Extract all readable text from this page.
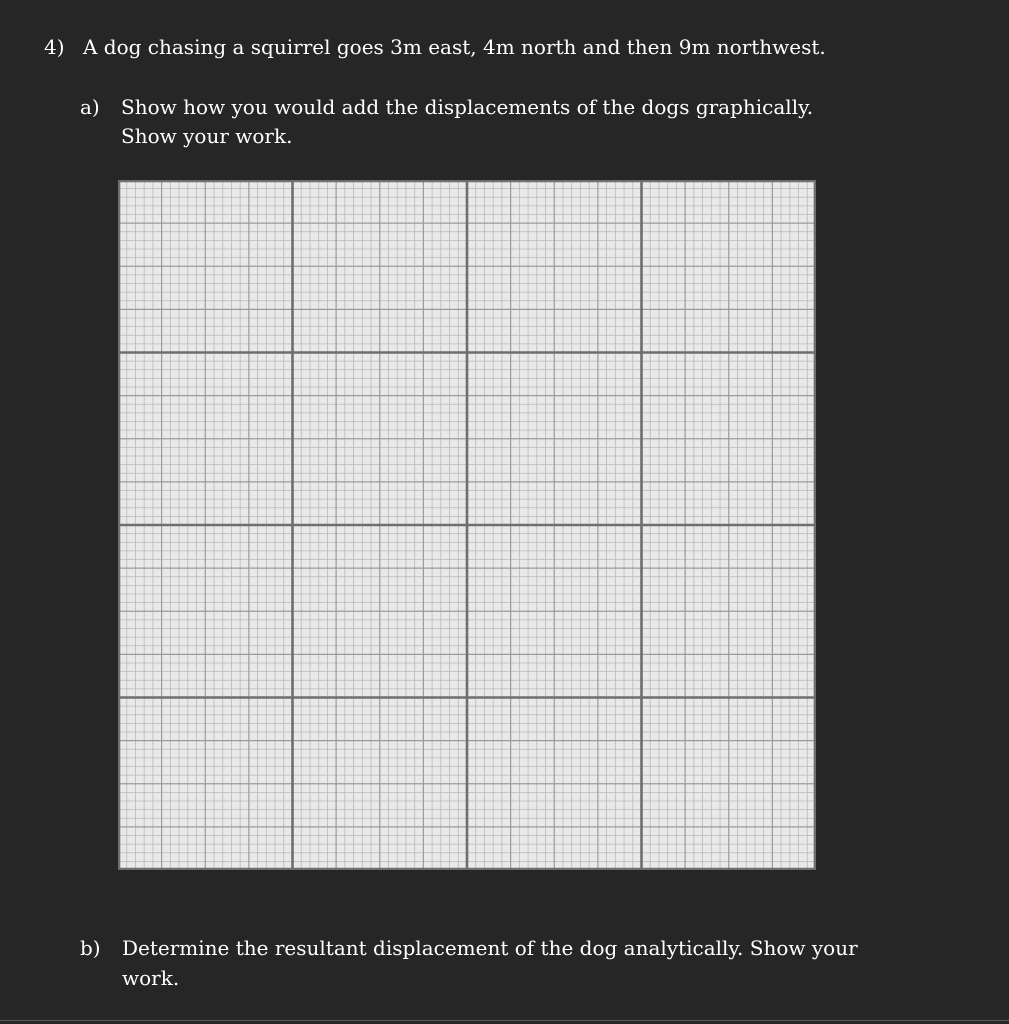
4) A dog chasing a squirrel goes 3m east, 4m north and then 9m northwest.
a) Show how you would add the displacements of the dogs graphically.
Show your work.
b) Determine the resultant displacement of the dog analytically. Show your
work.
